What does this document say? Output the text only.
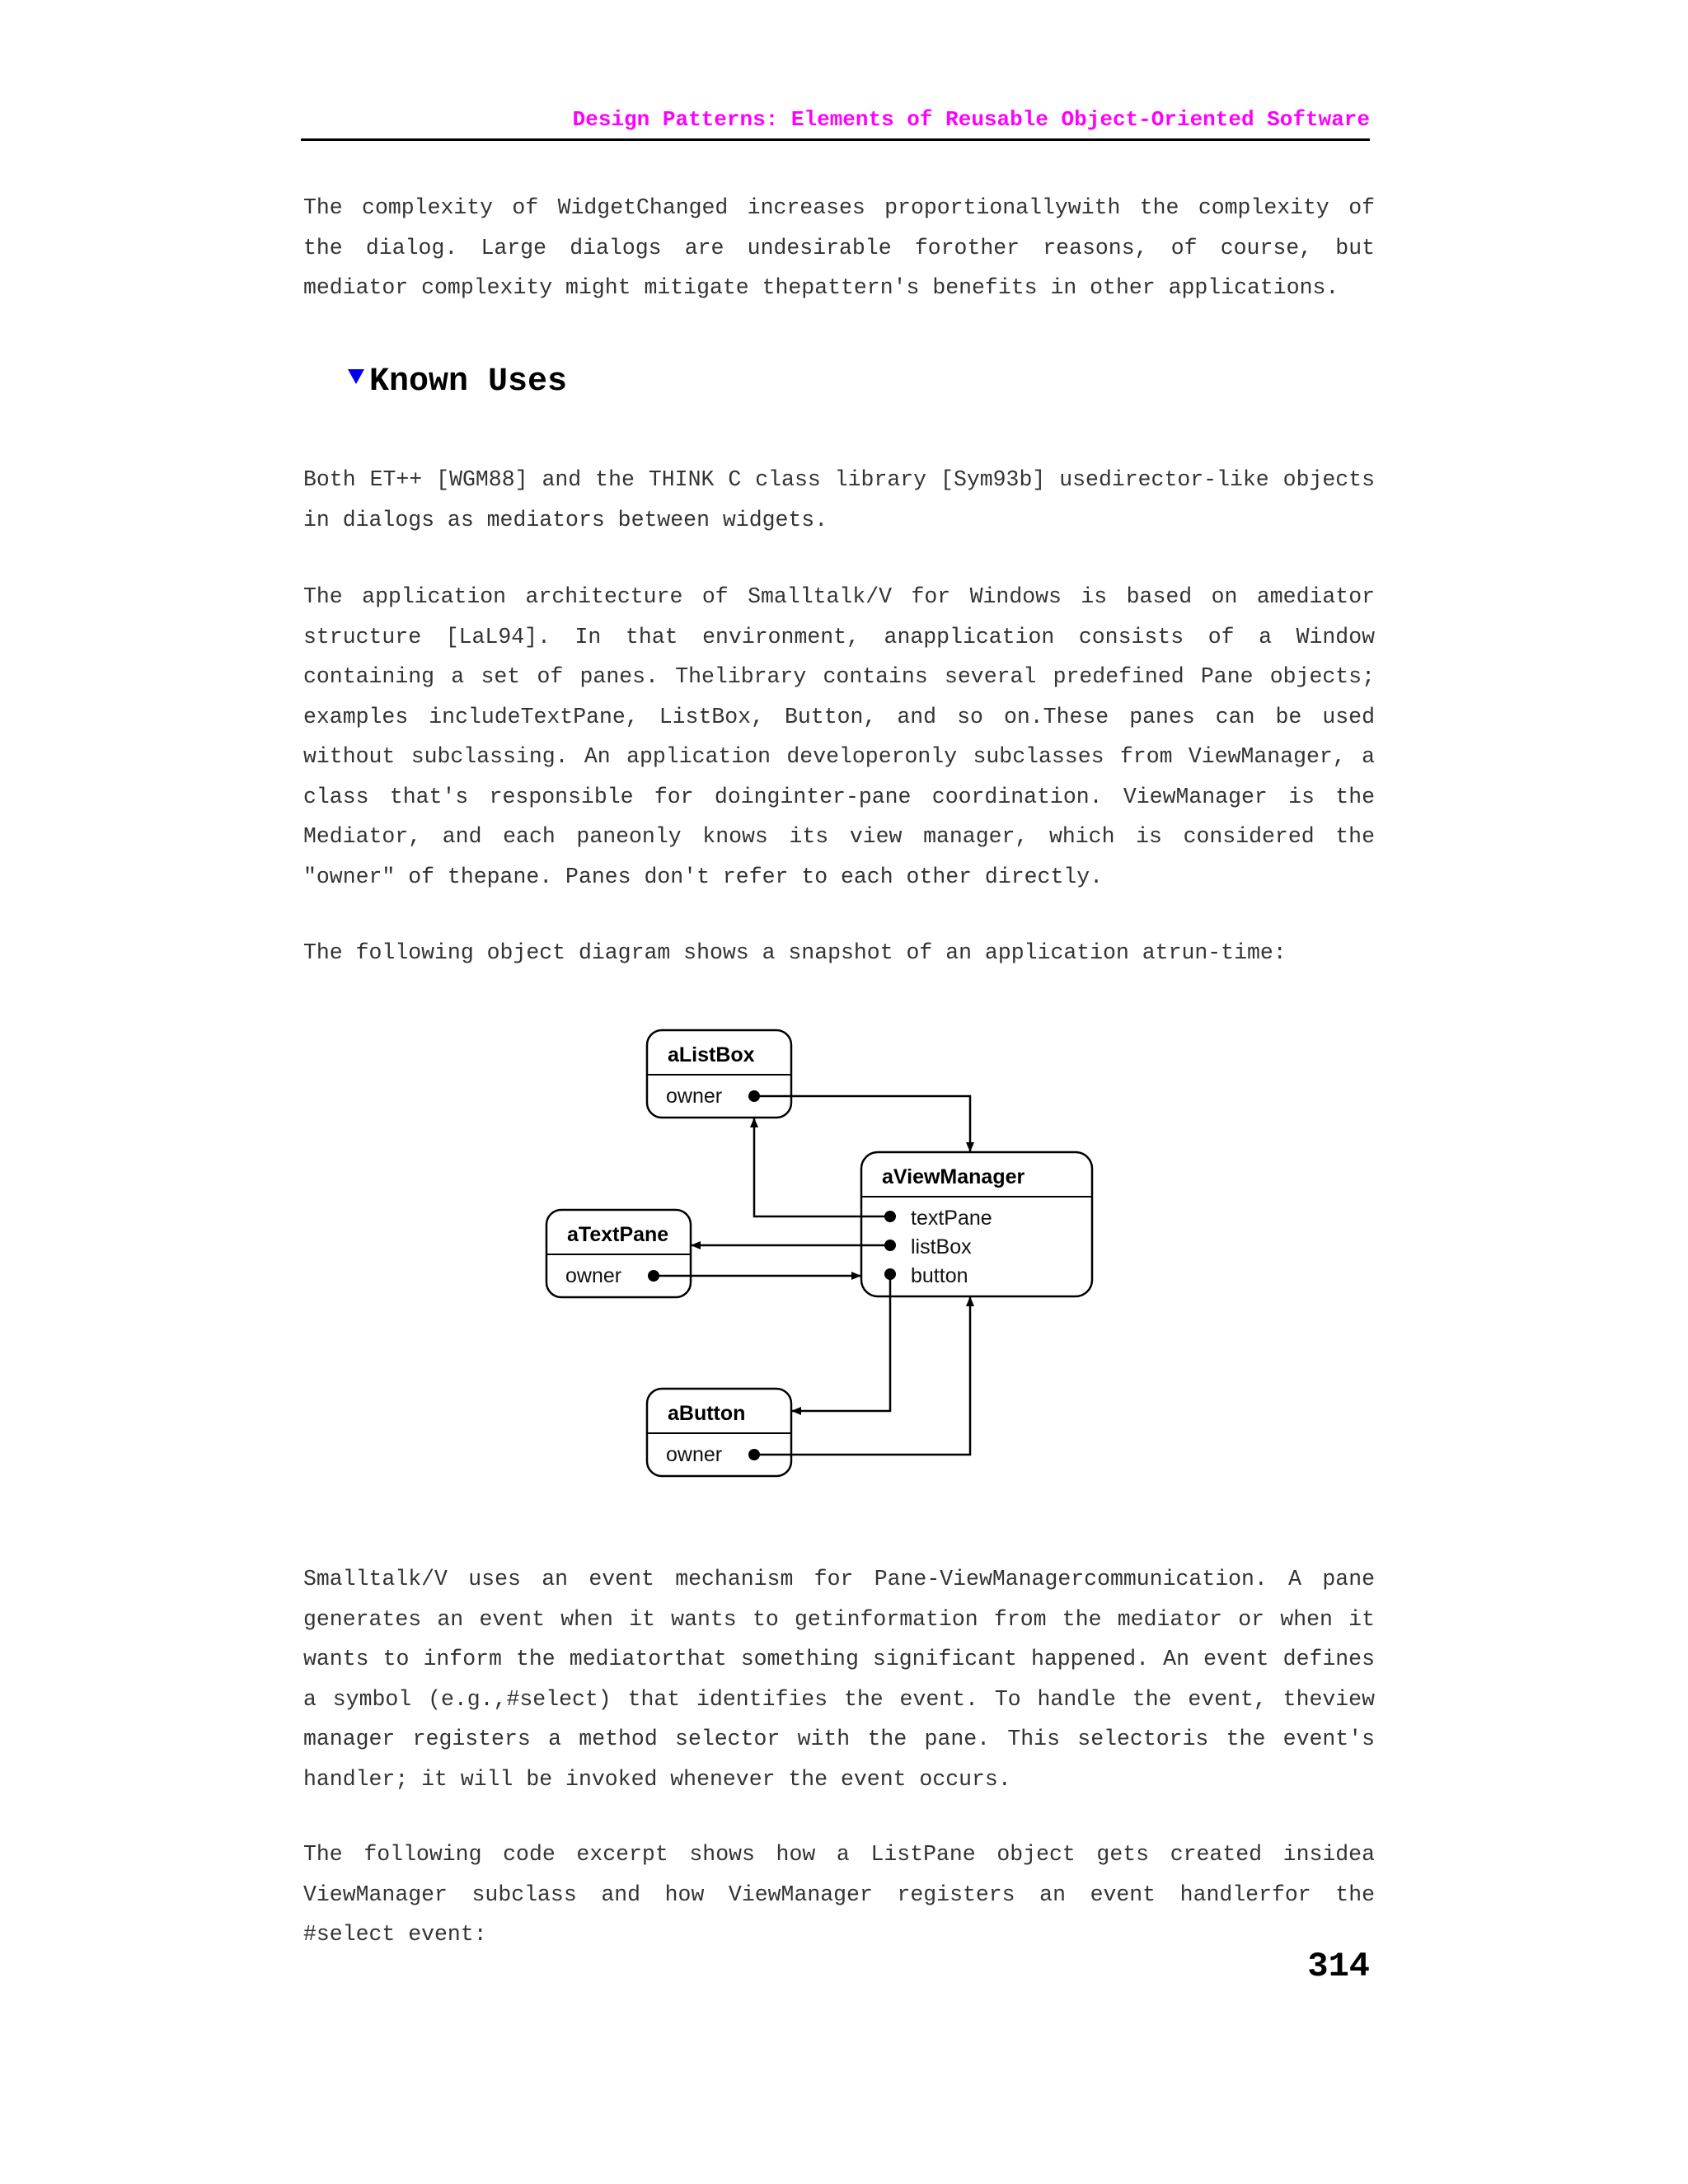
Design Patterns: Elements of Reusable Object-Oriented Software

The complexity of WidgetChanged increases proportionallywith the complexity of the dialog. Large dialogs are undesirable forother reasons, of course, but mediator complexity might mitigate thepattern's benefits in other applications.

Known Uses

Both ET++ [WGM88] and the THINK C class library [Sym93b] usedirector-like objects in dialogs as mediators between widgets.

The application architecture of Smalltalk/V for Windows is based on amediator structure [LaL94]. In that environment, anapplication consists of a Window containing a set of panes. Thelibrary contains several predefined Pane objects; examples includeTextPane, ListBox, Button, and so on.These panes can be used without subclassing. An application developeronly subclasses from ViewManager, a class that's responsible for doinginter-pane coordination. ViewManager is the Mediator, and each paneonly knows its view manager, which is considered the "owner" of thepane. Panes don't refer to each other directly.

The following object diagram shows a snapshot of an application atrun-time:

aListBox
owner
aViewManager
textPane
listBox
button
aTextPane
owner
aButton
owner

Smalltalk/V uses an event mechanism for Pane-ViewManagercommunication. A pane generates an event when it wants to getinformation from the mediator or when it wants to inform the mediatorthat something significant happened. An event defines a symbol (e.g.,#select) that identifies the event. To handle the event, theview manager registers a method selector with the pane. This selectoris the event's handler; it will be invoked whenever the event occurs.

The following code excerpt shows how a ListPane object gets created insidea ViewManager subclass and how ViewManager registers an event handlerfor the #select event:

314
